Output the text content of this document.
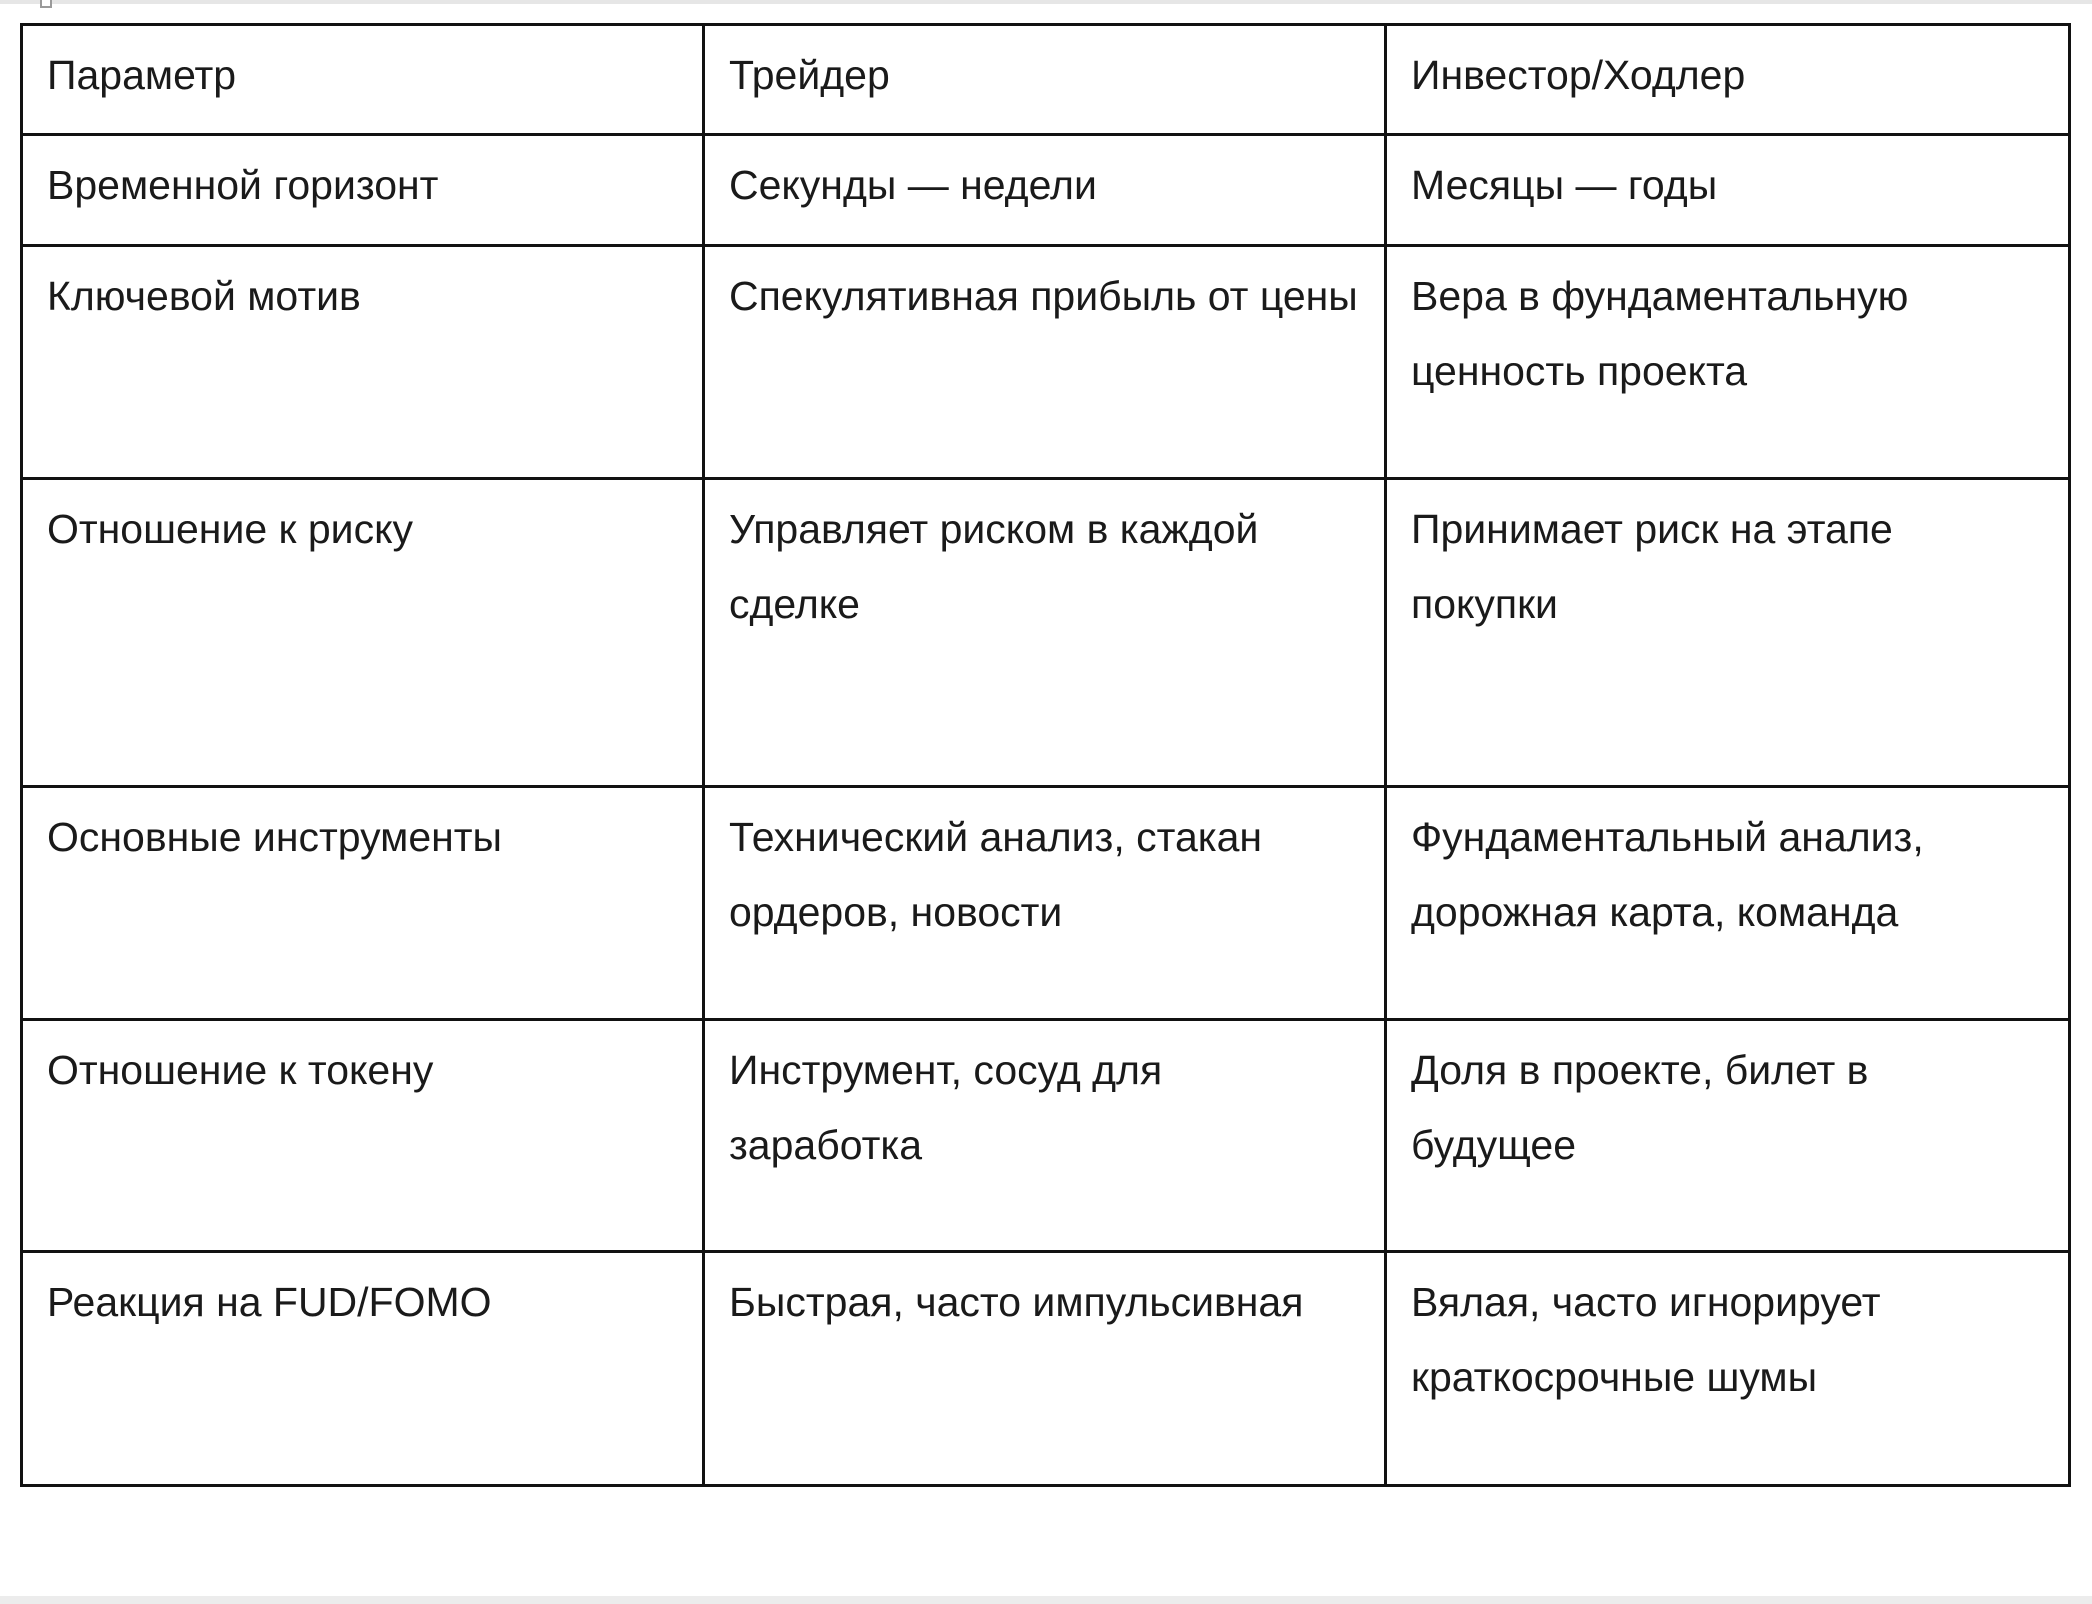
Параметр	Трейдер	Инвестор/Ходлер
Временной горизонт	Секунды — недели	Месяцы — годы
Ключевой мотив	Спекулятивная прибыль от цены	Вера в фундаментальную ценность проекта
Отношение к риску	Управляет риском в каждой сделке	Принимает риск на этапе покупки
Основные инструменты	Технический анализ, стакан ордеров, новости	Фундаментальный анализ, дорожная карта, команда
Отношение к токену	Инструмент, сосуд для заработка	Доля в проекте, билет в будущее
Реакция на FUD/FOMO	Быстрая, часто импульсивная	Вялая, часто игнорирует краткосрочные шумы
